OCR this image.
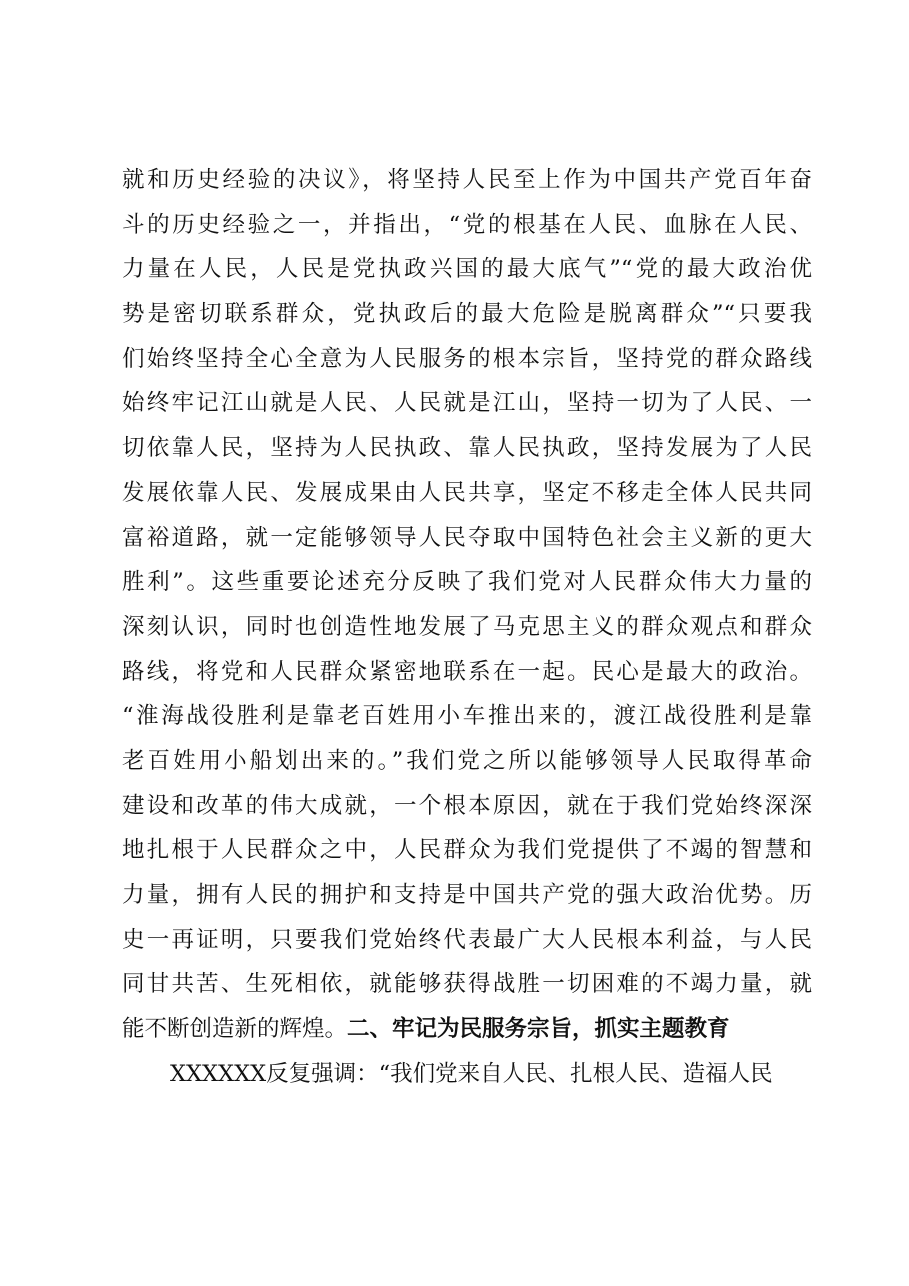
就和历史经验的决议》，将坚持人民至上作为中国共产党百年奋
斗的历史经验之一，并指出，“党的根基在人民、血脉在人民、
力量在人民，人民是党执政兴国的最大底气”“党的最大政治优
势是密切联系群众，党执政后的最大危险是脱离群众”“只要我
们始终坚持全心全意为人民服务的根本宗旨，坚持党的群众路线
始终牢记江山就是人民、人民就是江山，坚持一切为了人民、一
切依靠人民，坚持为人民执政、靠人民执政，坚持发展为了人民
发展依靠人民、发展成果由人民共享，坚定不移走全体人民共同
富裕道路，就一定能够领导人民夺取中国特色社会主义新的更大
胜利”。这些重要论述充分反映了我们党对人民群众伟大力量的
深刻认识，同时也创造性地发展了马克思主义的群众观点和群众
路线，将党和人民群众紧密地联系在一起。民心是最大的政治。
“淮海战役胜利是靠老百姓用小车推出来的，渡江战役胜利是靠
老百姓用小船划出来的。”我们党之所以能够领导人民取得革命
建设和改革的伟大成就，一个根本原因，就在于我们党始终深深
地扎根于人民群众之中，人民群众为我们党提供了不竭的智慧和
力量，拥有人民的拥护和支持是中国共产党的强大政治优势。历
史一再证明，只要我们党始终代表最广大人民根本利益，与人民
同甘共苦、生死相依，就能够获得战胜一切困难的不竭力量，就
能不断创造新的辉煌。二、牢记为民服务宗旨，抓实主题教育
XXXXXX反复强调：“我们党来自人民、扎根人民、造福人民
